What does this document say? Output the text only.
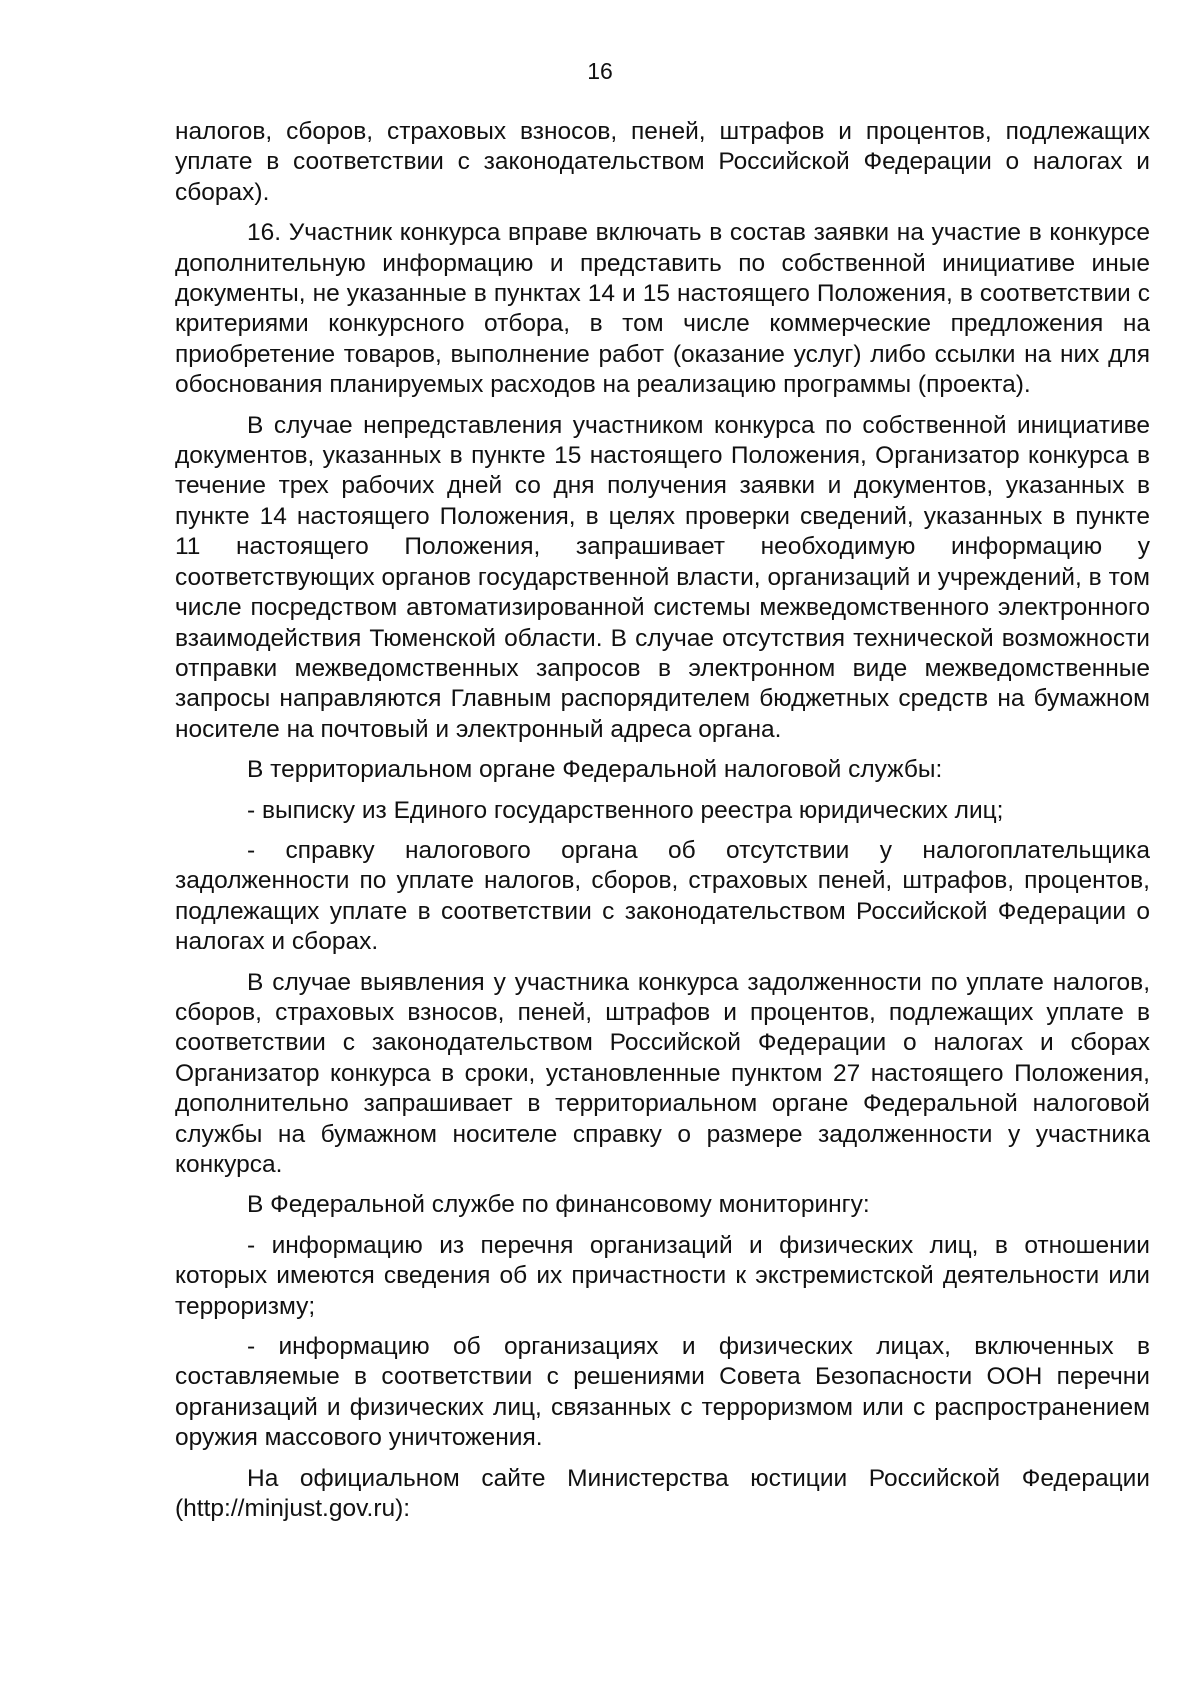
16

налогов, сборов, страховых взносов, пеней, штрафов и процентов, подлежащих уплате в соответствии с законодательством Российской Федерации о налогах и сборах).

16. Участник конкурса вправе включать в состав заявки на участие в конкурсе дополнительную информацию и представить по собственной инициативе иные документы, не указанные в пунктах 14 и 15 настоящего Положения, в соответствии с критериями конкурсного отбора, в том числе коммерческие предложения на приобретение товаров, выполнение работ (оказание услуг) либо ссылки на них для обоснования планируемых расходов на реализацию программы (проекта).

В случае непредставления участником конкурса по собственной инициативе документов, указанных в пункте 15 настоящего Положения, Организатор конкурса в течение трех рабочих дней со дня получения заявки и документов, указанных в пункте 14 настоящего Положения, в целях проверки сведений, указанных в пункте 11 настоящего Положения, запрашивает необходимую информацию у соответствующих органов государственной власти, организаций и учреждений, в том числе посредством автоматизированной системы межведомственного электронного взаимодействия Тюменской области. В случае отсутствия технической возможности отправки межведомственных запросов в электронном виде межведомственные запросы направляются Главным распорядителем бюджетных средств на бумажном носителе на почтовый и электронный адреса органа.

В территориальном органе Федеральной налоговой службы:

- выписку из Единого государственного реестра юридических лиц;

- справку налогового органа об отсутствии у налогоплательщика задолженности по уплате налогов, сборов, страховых пеней, штрафов, процентов, подлежащих уплате в соответствии с законодательством Российской Федерации о налогах и сборах.

В случае выявления у участника конкурса задолженности по уплате налогов, сборов, страховых взносов, пеней, штрафов и процентов, подлежащих уплате в соответствии с законодательством Российской Федерации о налогах и сборах Организатор конкурса в сроки, установленные пунктом 27 настоящего Положения, дополнительно запрашивает в территориальном органе Федеральной налоговой службы на бумажном носителе справку о размере задолженности у участника конкурса.

В Федеральной службе по финансовому мониторингу:

- информацию из перечня организаций и физических лиц, в отношении которых имеются сведения об их причастности к экстремистской деятельности или терроризму;

- информацию об организациях и физических лицах, включенных в составляемые в соответствии с решениями Совета Безопасности ООН перечни организаций и физических лиц, связанных с терроризмом или с распространением оружия массового уничтожения.

На официальном сайте Министерства юстиции Российской Федерации (http://minjust.gov.ru):
